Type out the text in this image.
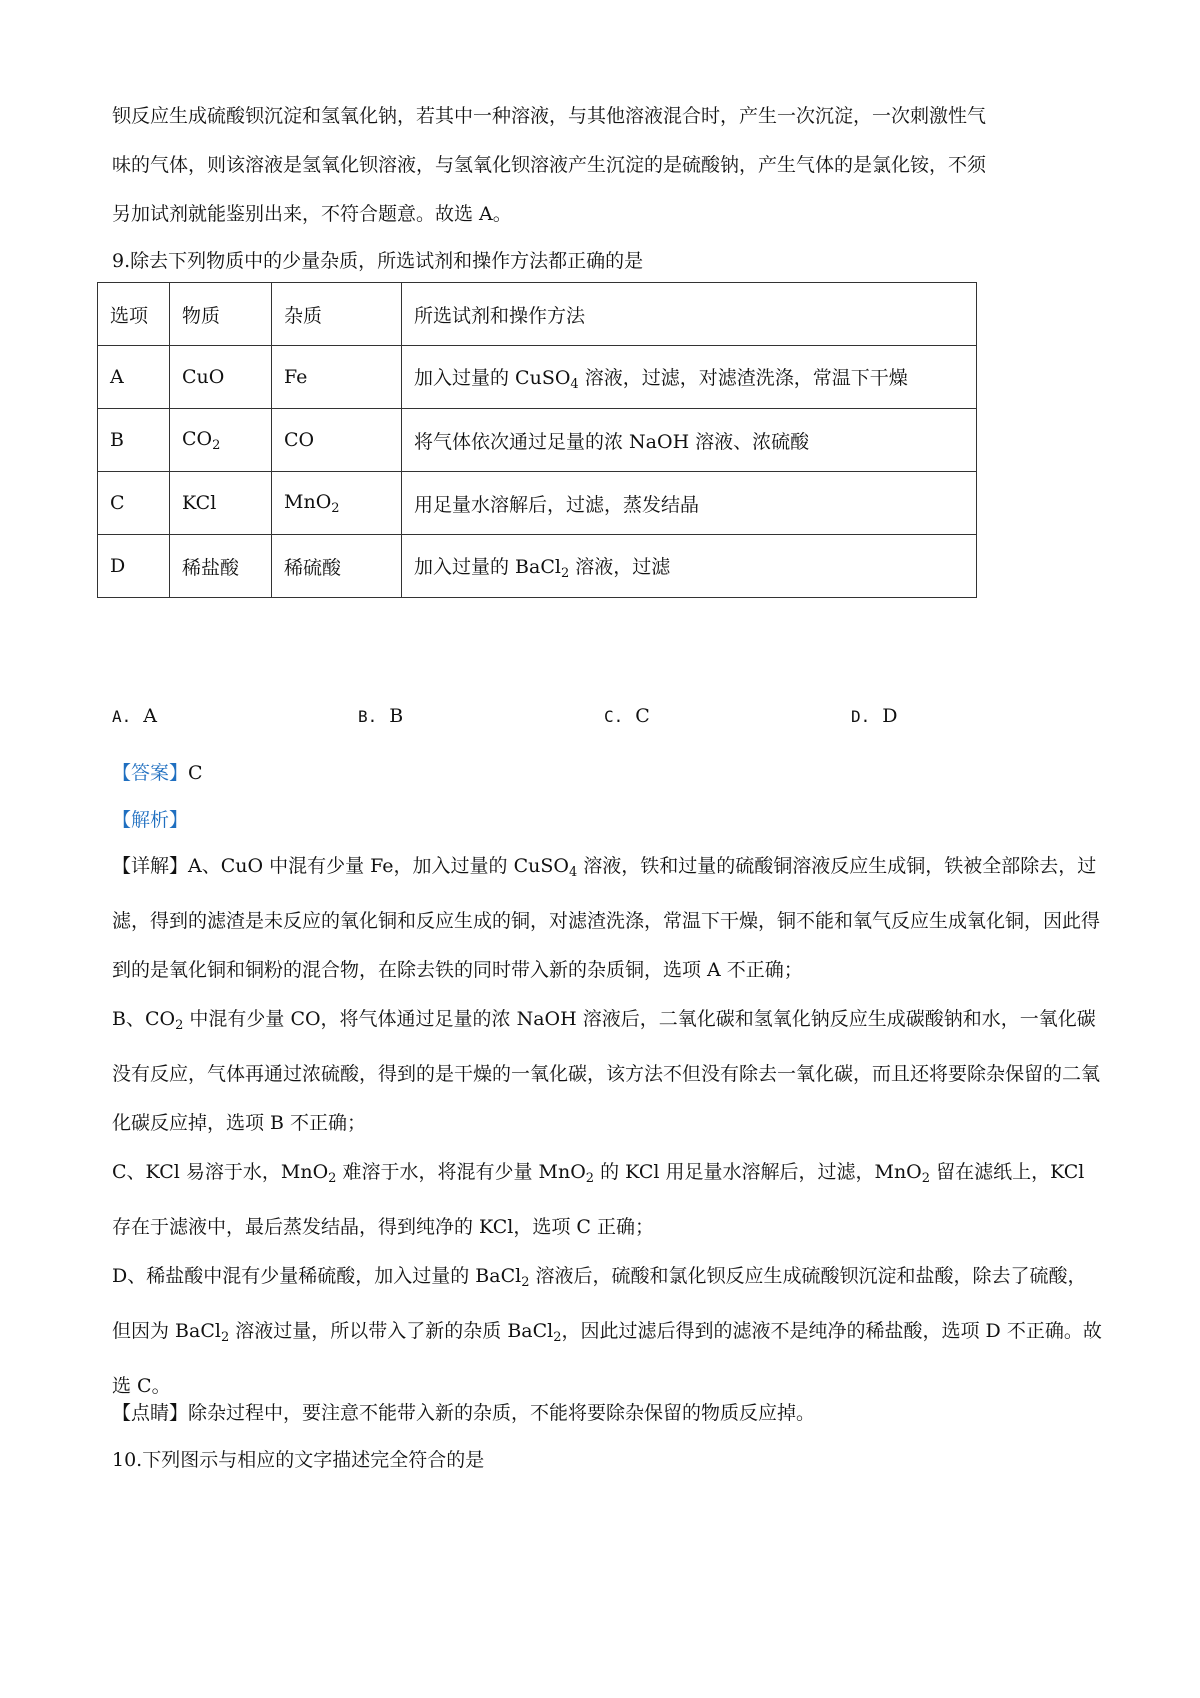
钡反应生成硫酸钡沉淀和氢氧化钠，若其中一种溶液，与其他溶液混合时，产生一次沉淀，一次刺激性气
味的气体，则该溶液是氢氧化钡溶液，与氢氧化钡溶液产生沉淀的是硫酸钠，产生气体的是氯化铵，不须
另加试剂就能鉴别出来，不符合题意。故选 A。

9.除去下列物质中的少量杂质，所选试剂和操作方法都正确的是

选项	物质	杂质	所选试剂和操作方法
A	CuO	Fe	加入过量的 CuSO$_4$ 溶液，过滤，对滤渣洗涤，常温下干燥
B	$CO_2$	CO	将气体依次通过足量的浓 NaOH 溶液、浓硫酸
C	KCl	MnO$_2$	用足量水溶解后，过滤，蒸发结晶
D	稀盐酸	稀硫酸	加入过量的 BaCl$_2$ 溶液，过滤
A. A	B. B	C. C	D. D

【答案】C

【解析】

【详解】A、CuO 中混有少量 Fe，加入过量的 CuSO$_4$ 溶液，铁和过量的硫酸铜溶液反应生成铜，铁被全部除去，过滤，得到的滤渣是未反应的氧化铜和反应生成的铜，对滤渣洗涤，常温下干燥，铜不能和氧气反应生成氧化铜，因此得到的是氧化铜和铜粉的混合物，在除去铁的同时带入新的杂质铜，选项 A 不正确；
B、$CO_2$ 中混有少量 CO，将气体通过足量的浓 NaOH 溶液后，二氧化碳和氢氧化钠反应生成碳酸钠和水，一氧化碳没有反应，气体再通过浓硫酸，得到的是干燥的一氧化碳，该方法不但没有除去一氧化碳，而且还将要除杂保留的二氧化碳反应掉，选项 B 不正确；
C、KCl 易溶于水，MnO$_2$ 难溶于水，将混有少量 MnO$_2$ 的 KCl 用足量水溶解后，过滤，MnO$_2$ 留在滤纸上，KCl 存在于滤液中，最后蒸发结晶，得到纯净的 KCl，选项 C 正确；
D、稀盐酸中混有少量稀硫酸，加入过量的 BaCl$_2$ 溶液后，硫酸和氯化钡反应生成硫酸钡沉淀和盐酸，除去了硫酸，但因为 BaCl$_2$ 溶液过量，所以带入了新的杂质 BaCl$_2$，因此过滤后得到的滤液不是纯净的稀盐酸，选项 D 不正确。故选 C。

【点睛】除杂过程中，要注意不能带入新的杂质，不能将要除杂保留的物质反应掉。

10.下列图示与相应的文字描述完全符合的是
